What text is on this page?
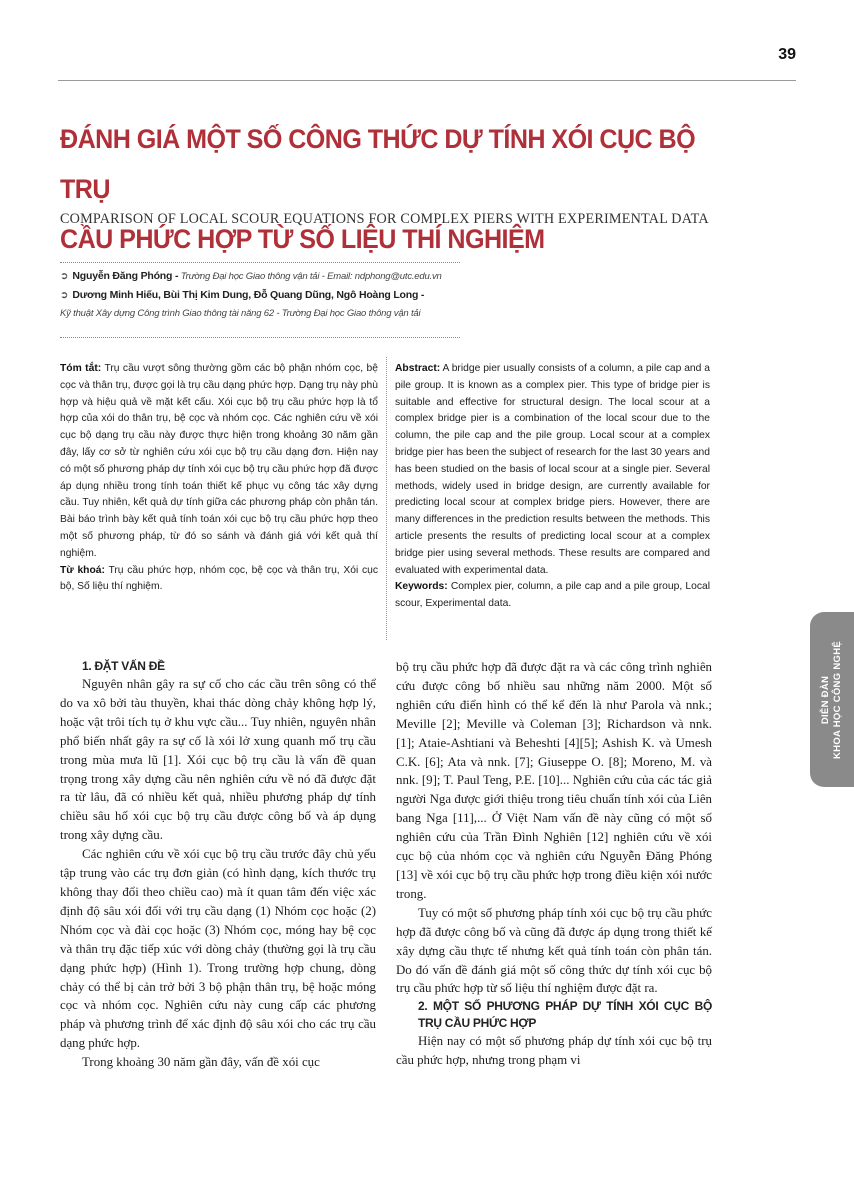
39
ĐÁNH GIÁ MỘT SỐ CÔNG THỨC DỰ TÍNH XÓI CỤC BỘ TRỤ
CẦU PHỨC HỢP TỪ SỐ LIỆU THÍ NGHIỆM

COMPARISON OF LOCAL SCOUR EQUATIONS FOR COMPLEX PIERS WITH EXPERIMENTAL DATA

➲ Nguyễn Đăng Phóng - Trường Đại học Giao thông vận tải - Email: ndphong@utc.edu.vn
➲ Dương Minh Hiếu, Bùi Thị Kim Dung, Đỗ Quang Dũng, Ngô Hoàng Long -
Kỹ thuật Xây dựng Công trình Giao thông tài năng 62 - Trường Đại học Giao thông vận tải
Tóm tắt: Trụ cầu vượt sông thường gồm các bộ phận nhóm cọc, bệ cọc và thân trụ, được gọi là trụ cầu dạng phức hợp. Dạng trụ này phù hợp và hiệu quả về mặt kết cấu. Xói cục bộ trụ cầu phức hợp là tổ hợp của xói do thân trụ, bệ cọc và nhóm cọc. Các nghiên cứu về xói cục bộ dạng trụ cầu này được thực hiện trong khoảng 30 năm gần đây, lấy cơ sở từ nghiên cứu xói cục bộ trụ cầu dạng đơn. Hiện nay có một số phương pháp dự tính xói cục bộ trụ cầu phức hợp đã được áp dụng nhiều trong tính toán thiết kế phục vụ công tác xây dựng cầu. Tuy nhiên, kết quả dự tính giữa các phương pháp còn phân tán. Bài báo trình bày kết quả tính toán xói cục bộ trụ cầu phức hợp theo một số phương pháp, từ đó so sánh và đánh giá với kết quả thí nghiệm.
Từ khoá: Trụ cầu phức hợp, nhóm cọc, bệ cọc và thân trụ, Xói cục bộ, Số liệu thí nghiệm.
Abstract: A bridge pier usually consists of a column, a pile cap and a pile group. It is known as a complex pier. This type of bridge pier is suitable and effective for structural design. The local scour at a complex bridge pier is a combination of the local scour due to the column, the pile cap and the pile group. Local scour at a complex bridge pier has been the subject of research for the last 30 years and has been studied on the basis of local scour at a single pier. Several methods, widely used in bridge design, are currently available for predicting local scour at complex bridge piers. However, there are many differences in the prediction results between the methods. This article presents the results of predicting local scour at a complex bridge pier using several methods. These results are compared and evaluated with experimental data.
Keywords: Complex pier, column, a pile cap and a pile group, Local scour, Experimental data.

1. ĐẶT VẤN ĐỀ

Nguyên nhân gây ra sự cố cho các cầu trên sông có thể do va xô bởi tàu thuyền, khai thác dòng chảy không hợp lý, hoặc vật trôi tích tụ ở khu vực cầu... Tuy nhiên, nguyên nhân phổ biến nhất gây ra sự cố là xói lở xung quanh mố trụ cầu trong mùa mưa lũ [1]. Xói cục bộ trụ cầu là vấn đề quan trọng trong xây dựng cầu nên nghiên cứu về nó đã được đặt ra từ lâu, đã có nhiều kết quả, nhiều phương pháp dự tính chiều sâu hố xói cục bộ trụ cầu được công bố và áp dụng trong xây dựng cầu.

Các nghiên cứu về xói cục bộ trụ cầu trước đây chủ yếu tập trung vào các trụ đơn giản (có hình dạng, kích thước trụ không thay đổi theo chiều cao) mà ít quan tâm đến việc xác định độ sâu xói đối với trụ cầu dạng (1) Nhóm cọc hoặc (2) Nhóm cọc và đài cọc hoặc (3) Nhóm cọc, móng hay bệ cọc và thân trụ đặc tiếp xúc với dòng chảy (thường gọi là trụ cầu dạng phức hợp) (Hình 1). Trong trường hợp chung, dòng chảy có thể bị cản trở bởi 3 bộ phận thân trụ, bệ hoặc móng cọc và nhóm cọc. Nghiên cứu này cung cấp các phương pháp và phương trình để xác định độ sâu xói cho các trụ cầu dạng phức hợp.

Trong khoảng 30 năm gần đây, vấn đề xói cục

bộ trụ cầu phức hợp đã được đặt ra và các công trình nghiên cứu được công bố nhiều sau những năm 2000. Một số nghiên cứu điển hình có thể kể đến là như Parola và nnk.; Meville [2]; Meville và Coleman [3]; Richardson và nnk. [1]; Ataie-Ashtiani và Beheshti [4][5]; Ashish K. và Umesh C.K. [6]; Ata và nnk. [7]; Giuseppe O. [8]; Moreno, M. và nnk. [9]; T. Paul Teng, P.E. [10]... Nghiên cứu của các tác giả người Nga được giới thiệu trong tiêu chuẩn tính xói của Liên bang Nga [11],... Ở Việt Nam vấn đề này cũng có một số nghiên cứu của Trần Đình Nghiên [12] nghiên cứu về xói cục bộ của nhóm cọc và nghiên cứu Nguyễn Đăng Phóng [13] về xói cục bộ trụ cầu phức hợp trong điều kiện xói nước trong.

Tuy có một số phương pháp tính xói cục bộ trụ cầu phức hợp đã được công bố và cũng đã được áp dụng trong thiết kế xây dựng cầu thực tế nhưng kết quả tính toán còn phân tán. Do đó vấn đề đánh giá một số công thức dự tính xói cục bộ trụ cầu phức hợp từ số liệu thí nghiệm được đặt ra.

2. MỘT SỐ PHƯƠNG PHÁP DỰ TÍNH XÓI CỤC BỘ TRỤ CẦU PHỨC HỢP

Hiện nay có một số phương pháp dự tính xói cục bộ trụ cầu phức hợp, nhưng trong phạm vi

DIỄN ĐÀN KHOA HỌC CÔNG NGHỆ
